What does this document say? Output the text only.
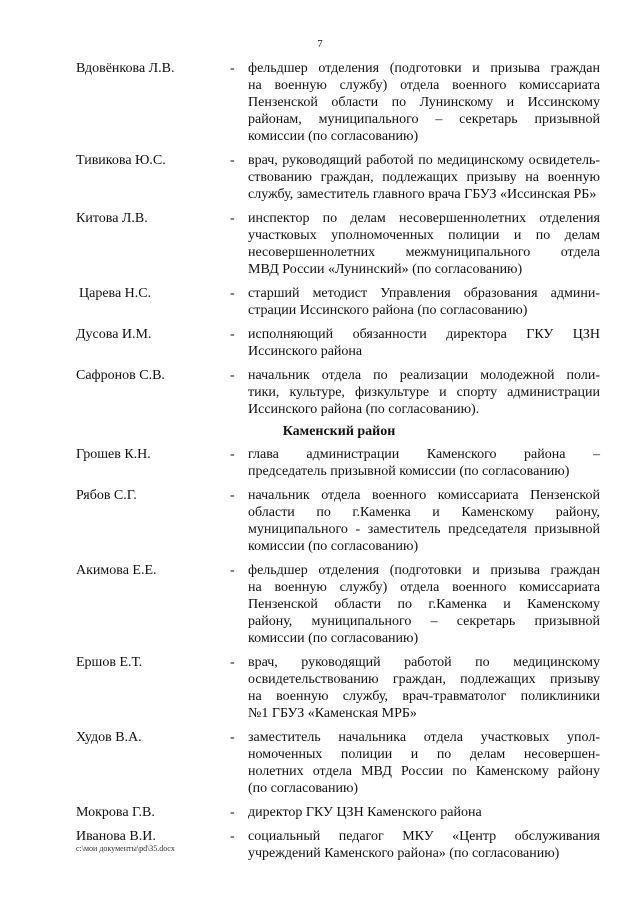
7
Вдовёнкова Л.В.	- фельдшер отделения (подготовки и призыва граждан
на военную службу) отдела военного комиссариата
Пензенской области по Лунинскому и Иссинскому
районам, муниципального – секретарь призывной
комиссии (по согласованию)
Тивикова Ю.С.	- врач, руководящий работой по медицинскому освидетель-
ствованию граждан, подлежащих призыву на военную
службу, заместитель главного врача ГБУЗ «Иссинская РБ»
Китова Л.В.	- инспектор по делам несовершеннолетних отделения
участковых уполномоченных полиции и по делам
несовершеннолетних межмуниципального отдела
МВД России «Лунинский» (по согласованию)
Царева Н.С.	- старший методист Управления образования админи-
страции Иссинского района (по согласованию)
Дусова И.М.	- исполняющий обязанности директора ГКУ ЦЗН
Иссинского района
Сафронов С.В.	- начальник отдела по реализации молодежной поли-
тики, культуре, физкультуре и спорту администрации
Иссинского района (по согласованию).
Каменский район
Грошев К.Н.	- глава администрации Каменского района –
председатель призывной комиссии (по согласованию)
Рябов С.Г.	- начальник отдела военного комиссариата Пензенской
области по г.Каменка и Каменскому району,
муниципального - заместитель председателя призывной
комиссии (по согласованию)
Акимова Е.Е.	- фельдшер отделения (подготовки и призыва граждан
на военную службу) отдела военного комиссариата
Пензенской области по г.Каменка и Каменскому
району, муниципального – секретарь призывной
комиссии (по согласованию)
Ершов Е.Т.	- врач, руководящий работой по медицинскому
освидетельствованию граждан, подлежащих призыву
на военную службу, врач-травматолог поликлиники
№1 ГБУЗ «Каменская МРБ»
Худов В.А.	- заместитель начальника отдела участковых упол-
номоченных полиции и по делам несовершен-
нолетних отдела МВД России по Каменскому району
(по согласованию)
Мокрова Г.В.	- директор ГКУ ЦЗН Каменского района
Иванова В.И.	- социальный педагог МКУ «Центр обслуживания
учреждений Каменского района» (по согласованию)
c:\мои документы\pd\35.docx
